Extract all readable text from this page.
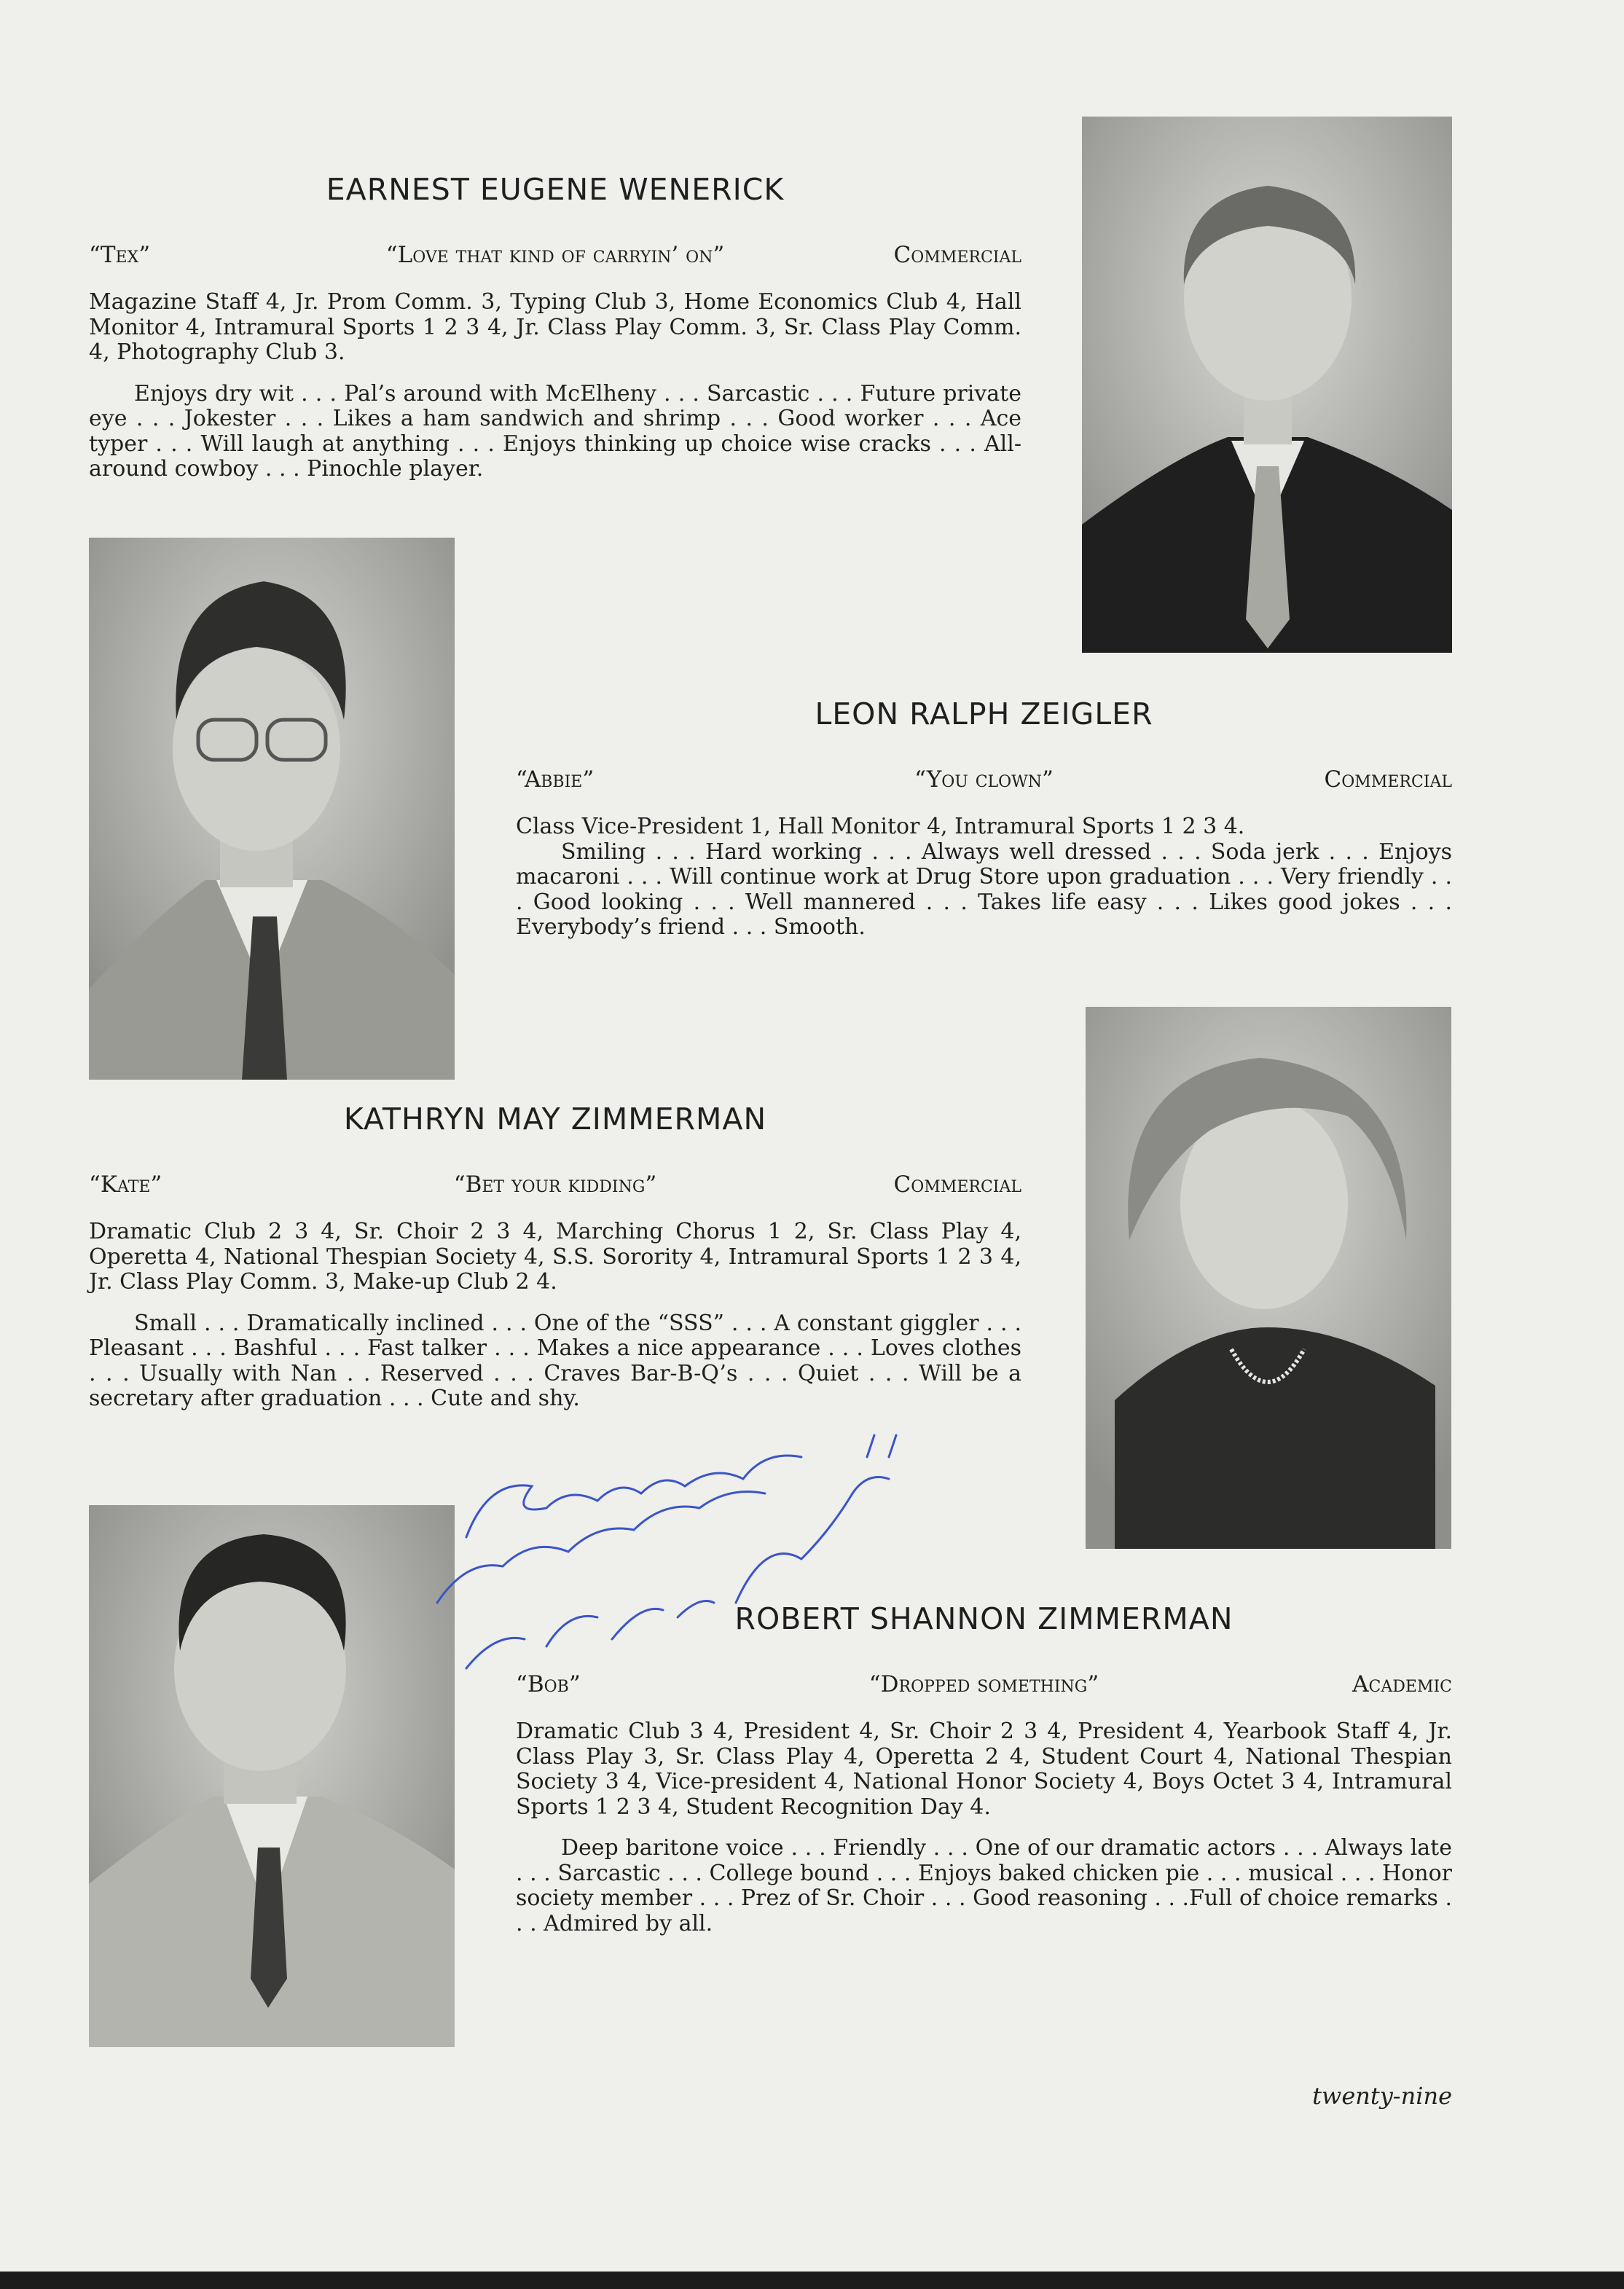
EARNEST EUGENE WENERICK
“Tex”	“Love that kind of carryin’ on”	Commercial

Magazine Staff 4, Jr. Prom Comm. 3, Typing Club 3, Home Economics Club 4, Hall Monitor 4, Intramural Sports 1 2 3 4, Jr. Class Play Comm. 3, Sr. Class Play Comm. 4, Photography Club 3.

Enjoys dry wit . . . Pal’s around with McElheny . . . Sarcastic . . . Future private eye . . . Jokester . . . Likes a ham sandwich and shrimp . . . Good worker . . . Ace typer . . . Will laugh at anything . . . Enjoys thinking up choice wise cracks . . . All-around cowboy . . . Pinochle player.

LEON RALPH ZEIGLER
“Abbie”	“You clown”	Commercial

Class Vice-President 1, Hall Monitor 4, Intramural Sports 1 2 3 4.

Smiling . . . Hard working . . . Always well dressed . . . Soda jerk . . . Enjoys macaroni . . . Will continue work at Drug Store upon graduation . . . Very friendly . . . Good looking . . . Well mannered . . . Takes life easy . . . Likes good jokes . . . Everybody’s friend . . . Smooth.

KATHRYN MAY ZIMMERMAN
“Kate”	“Bet your kidding”	Commercial

Dramatic Club 2 3 4, Sr. Choir 2 3 4, Marching Chorus 1 2, Sr. Class Play 4, Operetta 4, National Thespian Society 4, S.S. Sorority 4, Intramural Sports 1 2 3 4, Jr. Class Play Comm. 3, Make-up Club 2 4.

Small . . . Dramatically inclined . . . One of the “SSS” . . . A constant giggler . . . Pleasant . . . Bashful . . . Fast talker . . . Makes a nice appearance . . . Loves clothes . . . Usually with Nan . . Reserved . . . Craves Bar-B-Q’s . . . Quiet . . . Will be a secretary after graduation . . . Cute and shy.

ROBERT SHANNON ZIMMERMAN
“Bob”	“Dropped something”	Academic

Dramatic Club 3 4, President 4, Sr. Choir 2 3 4, President 4, Yearbook Staff 4, Jr. Class Play 3, Sr. Class Play 4, Operetta 2 4, Student Court 4, National Thespian Society 3 4, Vice-president 4, National Honor Society 4, Boys Octet 3 4, Intramural Sports 1 2 3 4, Student Recognition Day 4.

Deep baritone voice . . . Friendly . . . One of our dramatic actors . . . Always late . . . Sarcastic . . . College bound . . . Enjoys baked chicken pie . . . musical . . . Honor society member . . . Prez of Sr. Choir . . . Good reasoning . . .Full of choice remarks . . . Admired by all.

twenty-nine
